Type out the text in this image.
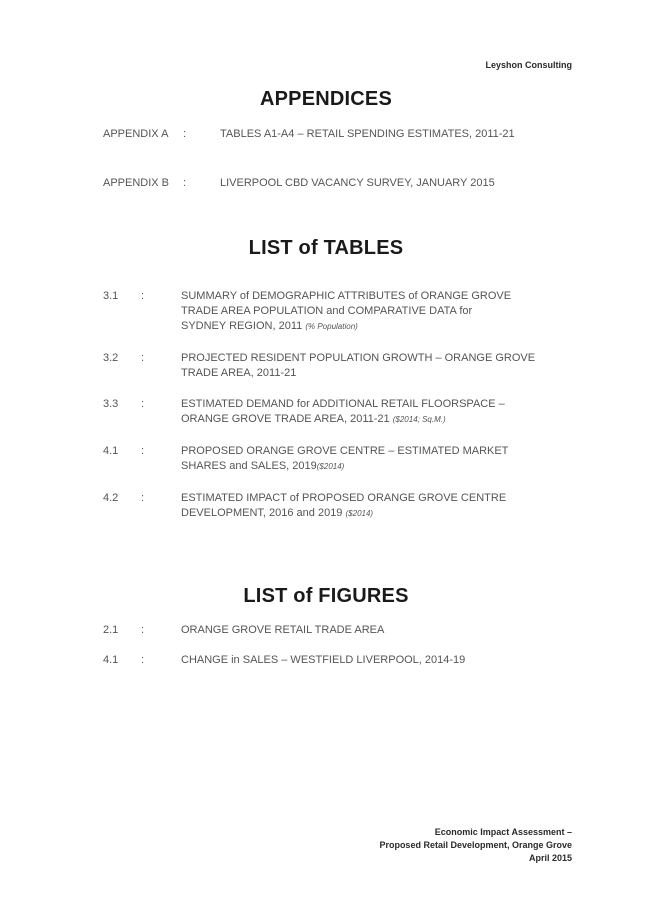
Leyshon Consulting
APPENDICES
APPENDIX A :	TABLES A1-A4 – RETAIL SPENDING ESTIMATES, 2011-21
APPENDIX B :	LIVERPOOL CBD VACANCY SURVEY, JANUARY 2015
LIST of TABLES
3.1 :	SUMMARY of DEMOGRAPHIC ATTRIBUTES of ORANGE GROVE
TRADE AREA POPULATION and COMPARATIVE DATA for
SYDNEY REGION, 2011 (% Population)
3.2 :	PROJECTED RESIDENT POPULATION GROWTH – ORANGE GROVE
TRADE AREA, 2011-21
3.3 :	ESTIMATED DEMAND for ADDITIONAL RETAIL FLOORSPACE –
ORANGE GROVE TRADE AREA, 2011-21 ($2014; Sq.M.)
4.1 :	PROPOSED ORANGE GROVE CENTRE – ESTIMATED MARKET
SHARES and SALES, 2019($2014)
4.2 :	ESTIMATED IMPACT of PROPOSED ORANGE GROVE CENTRE
DEVELOPMENT, 2016 and 2019 ($2014)
LIST of FIGURES
2.1 :	ORANGE GROVE RETAIL TRADE AREA
4.1 :	CHANGE in SALES – WESTFIELD LIVERPOOL, 2014-19
Economic Impact Assessment –
Proposed Retail Development, Orange Grove
April 2015
